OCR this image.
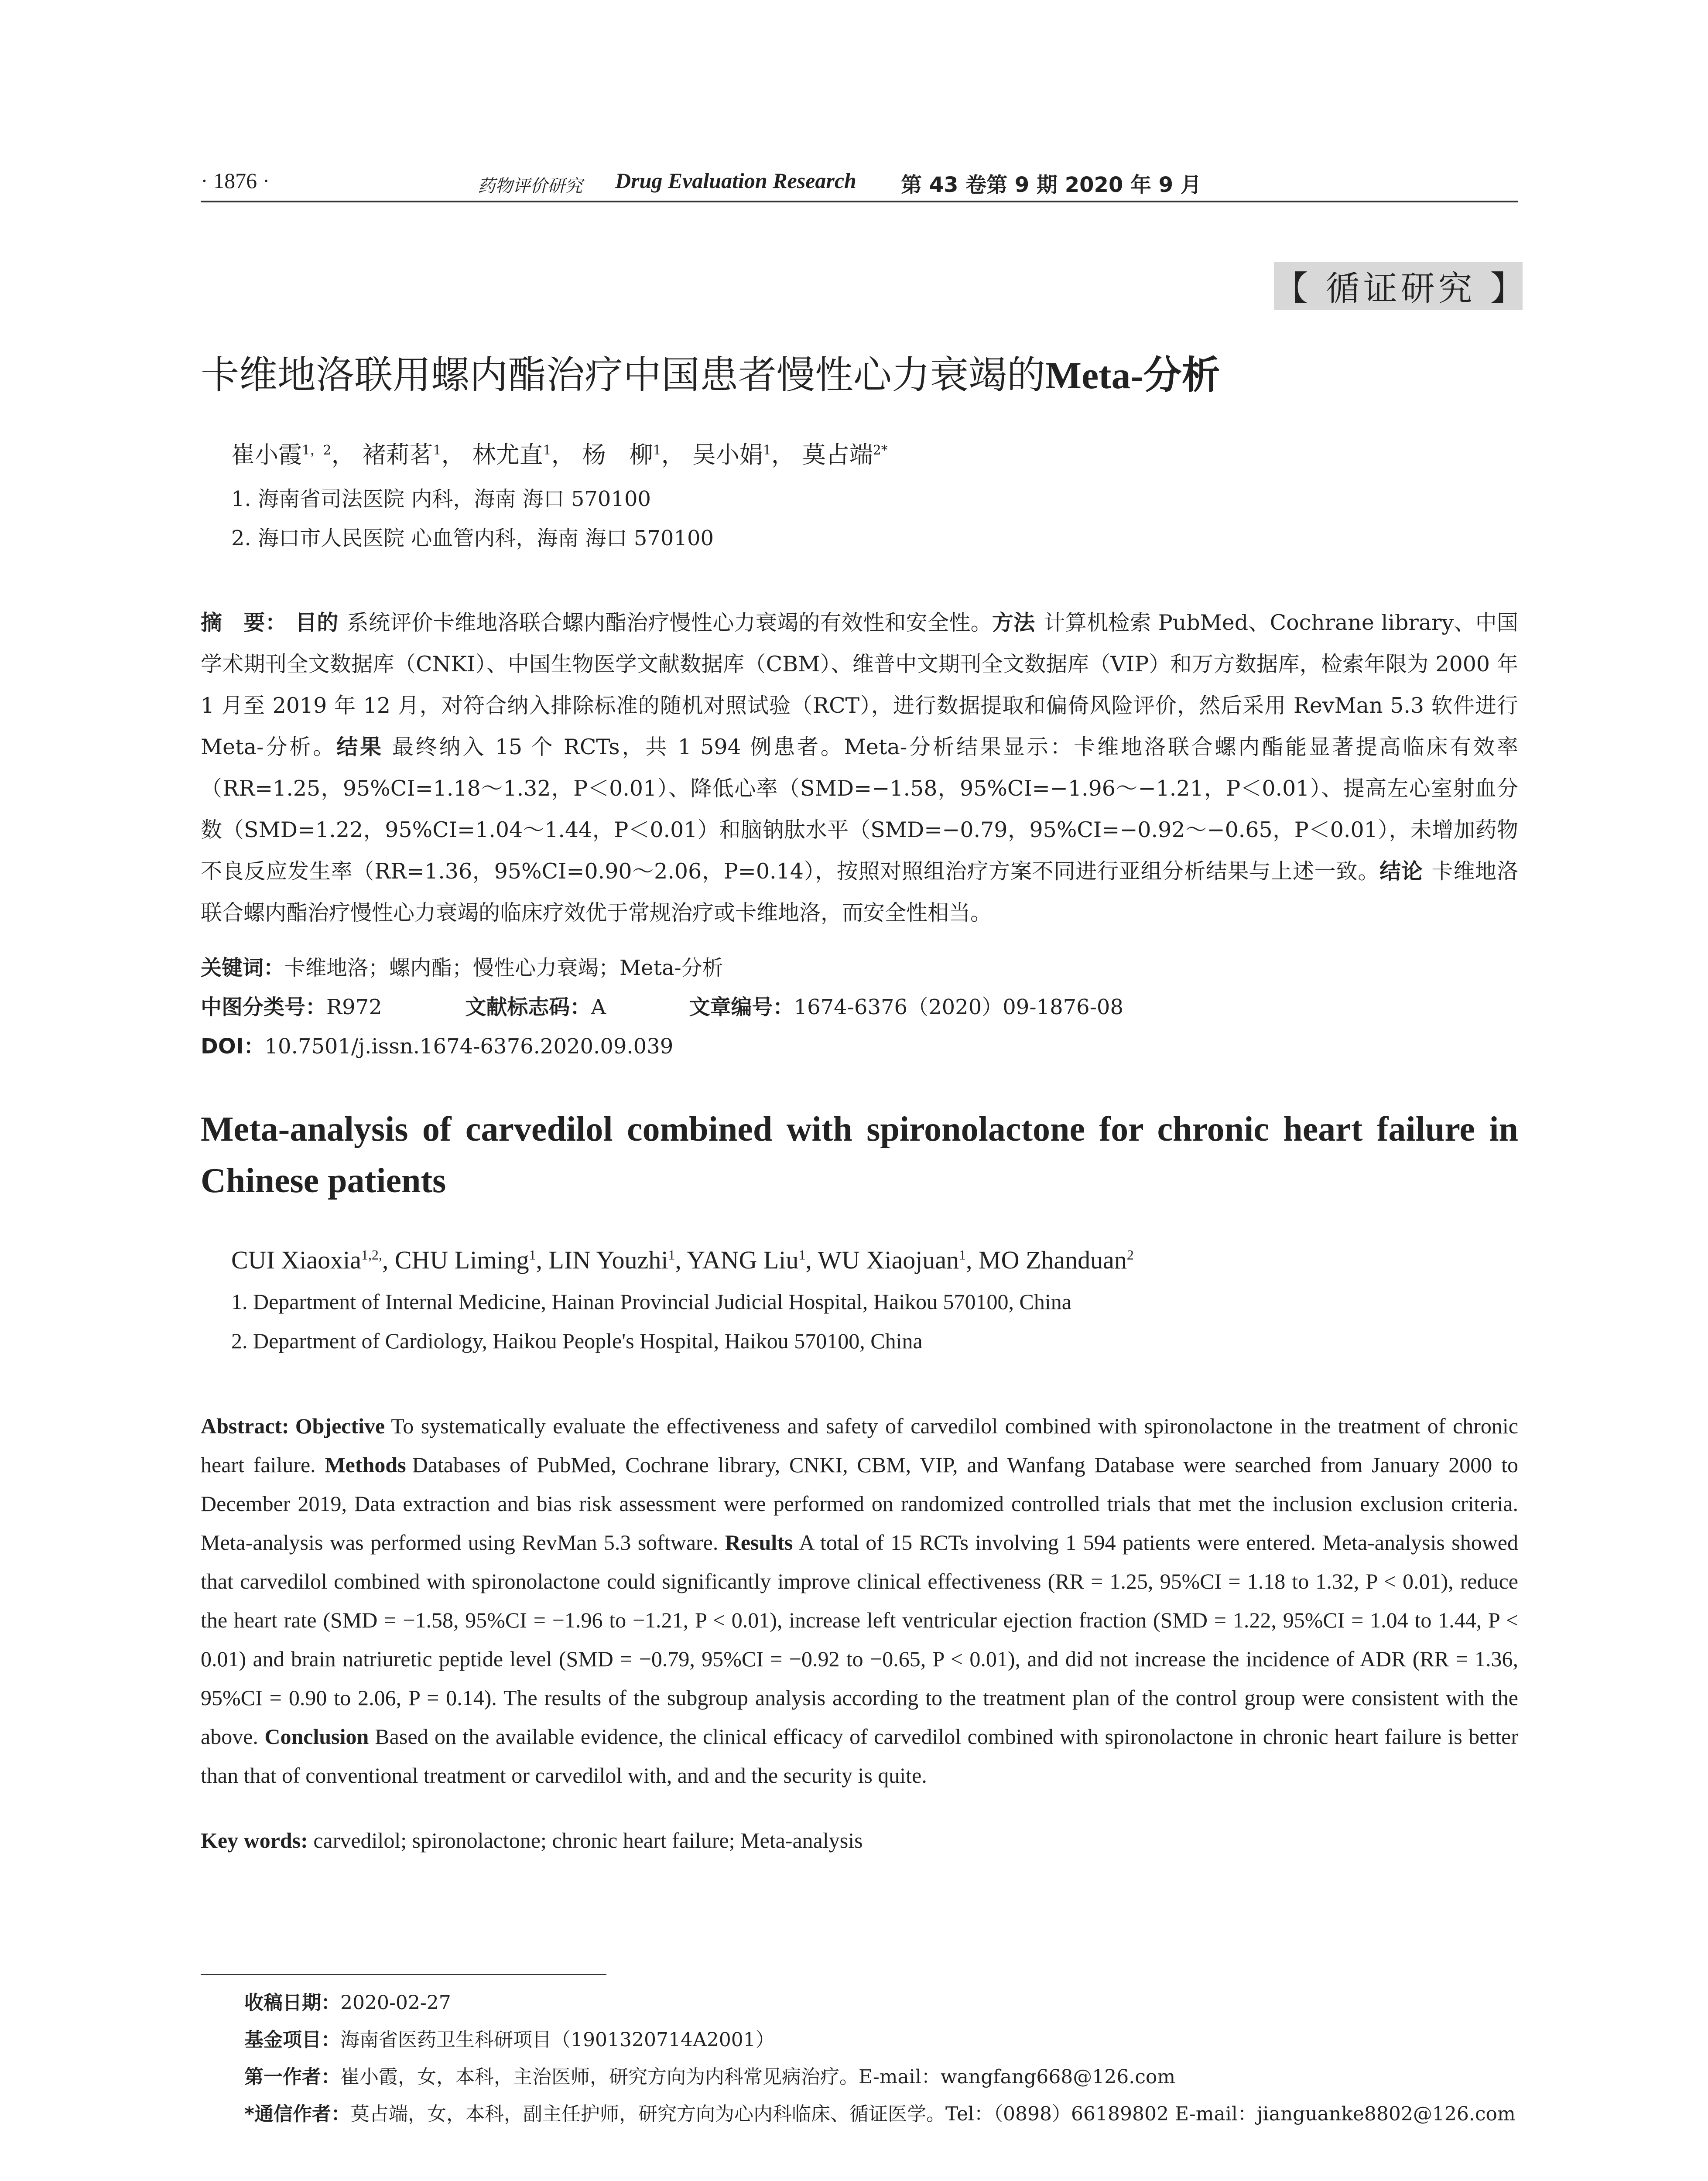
· 1876 ·	药物评价研究 Drug Evaluation Research 第 43 卷第 9 期 2020 年 9 月
【 循证研究 】
卡维地洛联用螺内酯治疗中国患者慢性心力衰竭的Meta-分析
崔小霞$^{1,2}$， 褚莉茗$^1$， 林尤直$^1$， 杨　柳$^1$， 吴小娟$^1$， 莫占端$^{2*}$
1. 海南省司法医院 内科，海南 海口 570100
2. 海口市人民医院 心血管内科，海南 海口 570100
摘　要： 目的 系统评价卡维地洛联合螺内酯治疗慢性心力衰竭的有效性和安全性。方法 计算机检索 PubMed、Cochrane library、中国学术期刊全文数据库（CNKI）、中国生物医学文献数据库（CBM）、维普中文期刊全文数据库（VIP）和万方数据库，检索年限为 2000 年 1 月至 2019 年 12 月，对符合纳入排除标准的随机对照试验（RCT），进行数据提取和偏倚风险评价，然后采用 RevMan 5.3 软件进行 Meta-分析。结果 最终纳入 15 个 RCTs，共 1 594 例患者。Meta-分析结果显示：卡维地洛联合螺内酯能显著提高临床有效率（RR=1.25，95%CI=1.18～1.32，P＜0.01）、降低心率（SMD=−1.58，95%CI=−1.96～−1.21，P＜0.01）、提高左心室射血分数（SMD=1.22，95%CI=1.04～1.44，P＜0.01）和脑钠肽水平（SMD=−0.79，95%CI=−0.92～−0.65，P＜0.01），未增加药物不良反应发生率（RR=1.36，95%CI=0.90～2.06，P=0.14），按照对照组治疗方案不同进行亚组分析结果与上述一致。结论 卡维地洛联合螺内酯治疗慢性心力衰竭的临床疗效优于常规治疗或卡维地洛，而安全性相当。
关键词：卡维地洛；螺内酯；慢性心力衰竭；Meta-分析
中图分类号：R972	文献标志码：A	文章编号：1674-6376（2020）09-1876-08
DOI：10.7501/j.issn.1674-6376.2020.09.039
Meta-analysis of carvedilol combined with spironolactone for chronic heart failure in Chinese patients
CUI Xiaoxia$^{1,2,}$, CHU Liming$^1$, LIN Youzhi$^1$, YANG Liu$^1$, WU Xiaojuan$^1$, MO Zhanduan$^2$
1. Department of Internal Medicine, Hainan Provincial Judicial Hospital, Haikou 570100, China
2. Department of Cardiology, Haikou People's Hospital, Haikou 570100, China
Abstract: Objective To systematically evaluate the effectiveness and safety of carvedilol combined with spironolactone in the treatment of chronic heart failure. Methods Databases of PubMed, Cochrane library, CNKI, CBM, VIP, and Wanfang Database were searched from January 2000 to December 2019, Data extraction and bias risk assessment were performed on randomized controlled trials that met the inclusion exclusion criteria. Meta-analysis was performed using RevMan 5.3 software. Results A total of 15 RCTs involving 1 594 patients were entered. Meta-analysis showed that carvedilol combined with spironolactone could significantly improve clinical effectiveness (RR = 1.25, 95%CI = 1.18 to 1.32, P < 0.01), reduce the heart rate (SMD = −1.58, 95%CI = −1.96 to −1.21, P < 0.01), increase left ventricular ejection fraction (SMD = 1.22, 95%CI = 1.04 to 1.44, P < 0.01) and brain natriuretic peptide level (SMD = −0.79, 95%CI = −0.92 to −0.65, P < 0.01), and did not increase the incidence of ADR (RR = 1.36, 95%CI = 0.90 to 2.06, P = 0.14). The results of the subgroup analysis according to the treatment plan of the control group were consistent with the above. Conclusion Based on the available evidence, the clinical efficacy of carvedilol combined with spironolactone in chronic heart failure is better than that of conventional treatment or carvedilol with, and and the security is quite.
Key words: carvedilol; spironolactone; chronic heart failure; Meta-analysis
收稿日期：2020-02-27
基金项目：海南省医药卫生科研项目（1901320714A2001）
第一作者：崔小霞，女，本科，主治医师，研究方向为内科常见病治疗。E-mail：wangfang668@126.com
*通信作者：莫占端，女，本科，副主任护师，研究方向为心内科临床、循证医学。Tel：（0898）66189802 E-mail：jianguanke8802@126.com
